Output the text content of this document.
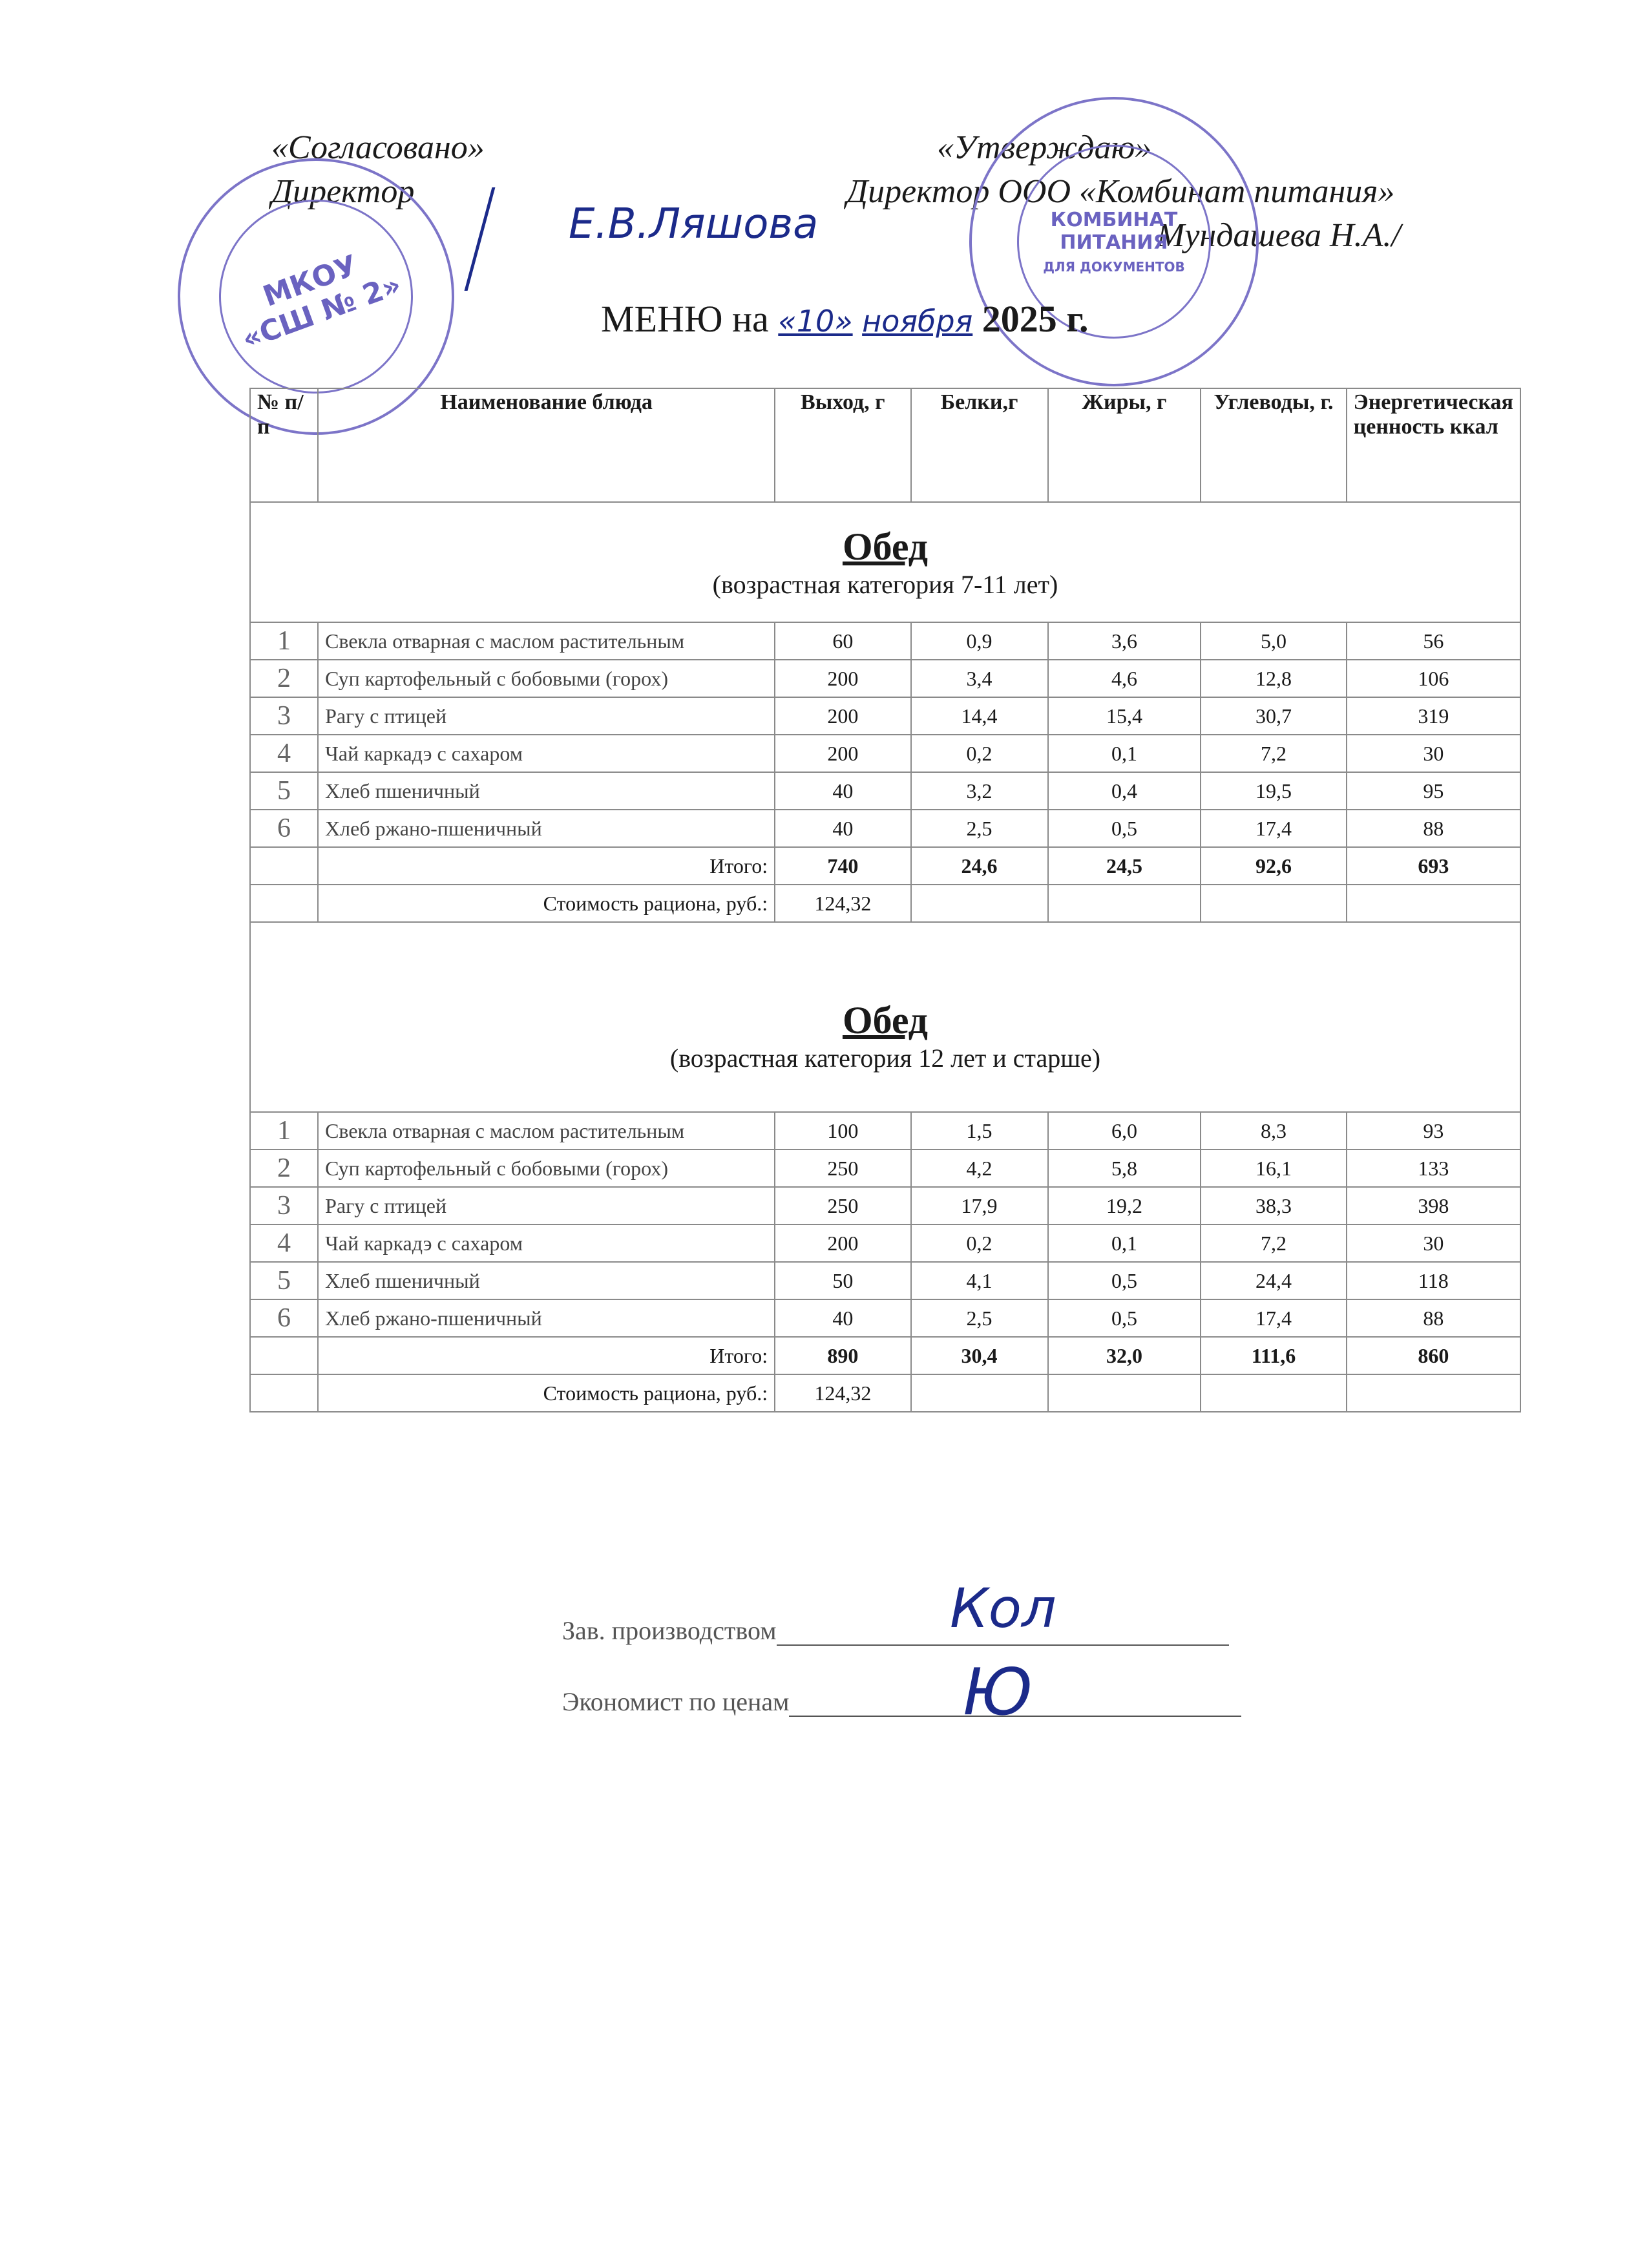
«Согласовано»
Директор
Е.В.Ляшова
«Утверждаю»
Директор ООО «Комбинат питания»
Мундашева Н.А./
МКОУ «СШ № 2»
КОМБИНАТ ПИТАНИЯ
ДЛЯ ДОКУМЕНТОВ
МЕНЮ на «10» ноября 2025 г.
№ п/п	Наименование блюда	Выход, г	Белки,г	Жиры, г	Углеводы, г.	Энергетическая ценность ккал

Обед
(возрастная категория 7-11 лет)						

1	Свекла отварная с маслом растительным	60	0,9	3,6	5,0	56
2	Суп картофельный с бобовыми (горох)	200	3,4	4,6	12,8	106
3	Рагу с птицей	200	14,4	15,4	30,7	319
4	Чай каркадэ с сахаром	200	0,2	0,1	7,2	30
5	Хлеб пшеничный	40	3,2	0,4	19,5	95
6	Хлеб ржано-пшеничный	40	2,5	0,5	17,4	88
	Итого:	740	24,6	24,5	92,6	693
	Стоимость рациона, руб.:	124,32				

Обед
(возрастная категория 12 лет и старше)						

1	Свекла отварная с маслом растительным	100	1,5	6,0	8,3	93
2	Суп картофельный с бобовыми (горох)	250	4,2	5,8	16,1	133
3	Рагу с птицей	250	17,9	19,2	38,3	398
4	Чай каркадэ с сахаром	200	0,2	0,1	7,2	30
5	Хлеб пшеничный	50	4,1	0,5	24,4	118
6	Хлеб ржано-пшеничный	40	2,5	0,5	17,4	88
	Итого:	890	30,4	32,0	111,6	860
	Стоимость рациона, руб.:	124,32				
Зав. производством	Кол
Экономист по ценам	Ю
